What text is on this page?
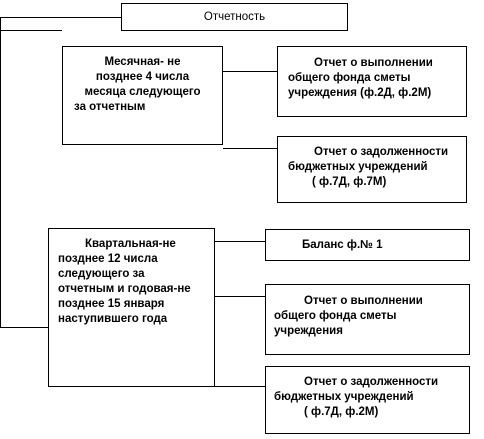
Отчетность
Месячная- не
позднее 4 числа
месяца следующего
за отчетным
Отчет о выполнении
общего фонда сметы
учреждения (ф.2Д, ф.2М)
Отчет о задолженности
бюджетных учреждений
( ф.7Д, ф.7М)
Квартальная-не
позднее 12 числа
следующего за
отчетным и годовая-не
позднее 15 января
наступившего года
Баланс ф.№ 1
Отчет о выполнении
общего фонда сметы
учреждения
Отчет о задолженности
бюджетных учреждений
( ф.7Д, ф.2М)
